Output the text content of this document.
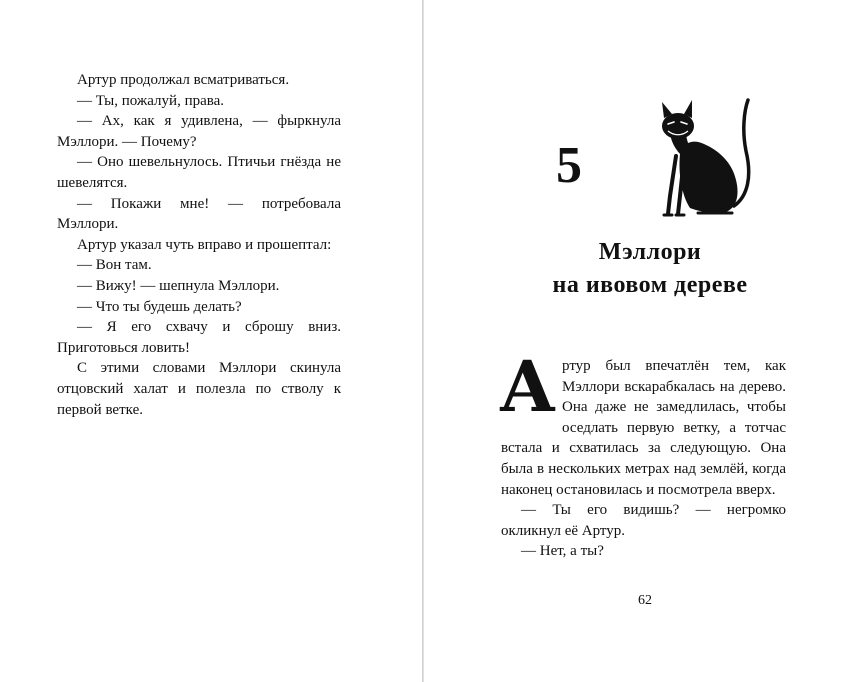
Артур продолжал всматриваться.

— Ты, пожалуй, права.

— Ах, как я удивлена, — фыркнула Мэллори. — Почему?

— Оно шевельнулось. Птичьи гнёзда не шевелятся.

— Покажи мне! — потребовала Мэллори.

Артур указал чуть вправо и прошептал:

— Вон там.

— Вижу! — шепнула Мэллори.

— Что ты будешь делать?

— Я его схвачу и сброшу вниз. Приготовься ловить!

С этими словами Мэллори скинула отцовский халат и полезла по стволу к первой ветке.

5
Мэллори
на ивовом дереве

Артур был впечатлён тем, как Мэллори вскарабкалась на дерево. Она даже не замедлилась, чтобы оседлать первую ветку, а тотчас встала и схватилась за следующую. Она была в нескольких метрах над землёй, когда наконец остановилась и посмотрела вверх.

— Ты его видишь? — негромко окликнул её Артур.

— Нет, а ты?

62
